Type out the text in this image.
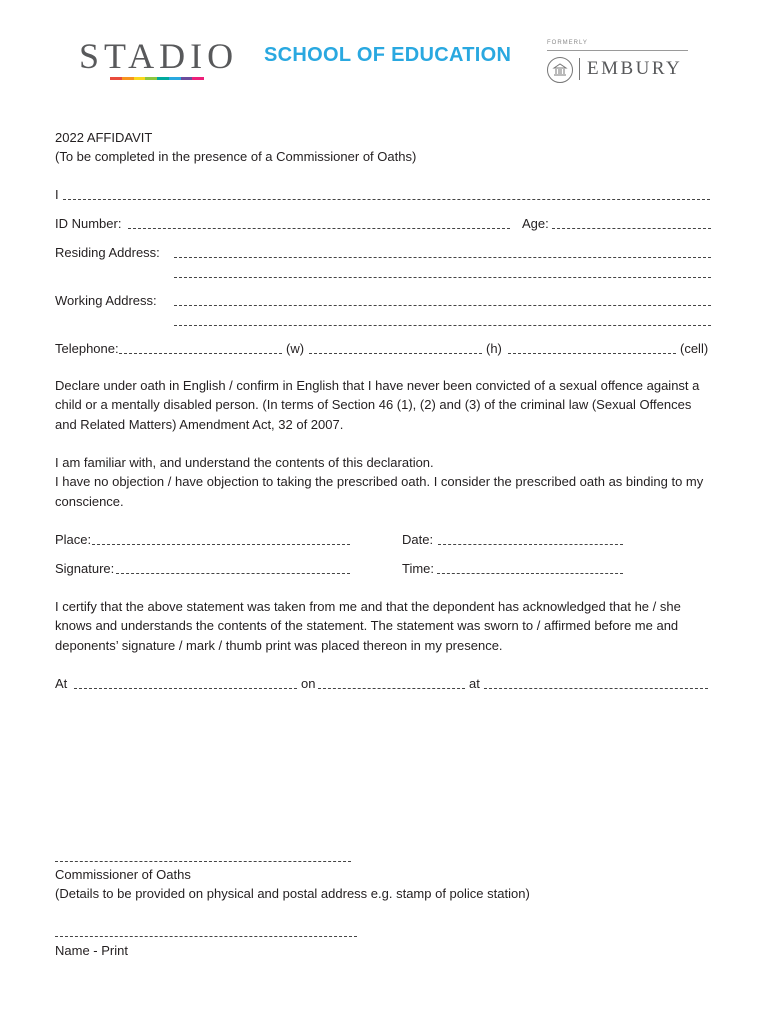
STADIO SCHOOL OF EDUCATION
FORMERLY
EMBURY
2022 AFFIDAVIT
(To be completed in the presence of a Commissioner of Oaths)
I
ID Number:	Age:
Residing Address:
Working Address:
Telephone:	(w)	(h)	(cell)
Declare under oath in English / confirm in English that I have never been convicted of a sexual offence against a child or a mentally disabled person. (In terms of Section 46 (1), (2) and (3) of the criminal law (Sexual Offences and Related Matters) Amendment Act, 32 of 2007.
I am familiar with, and understand the contents of this declaration.
I have no objection / have objection to taking the prescribed oath. I consider the prescribed oath as binding to my conscience.
Place:	Date:
Signature:	Time:
I certify that the above statement was taken from me and that the depondent has acknowledged that he / she knows and understands the contents of the statement. The statement was sworn to / affirmed before me and deponents’ signature / mark / thumb print was placed thereon in my presence.
At	on	at
Commissioner of Oaths
(Details to be provided on physical and postal address e.g. stamp of police station)
Name - Print
